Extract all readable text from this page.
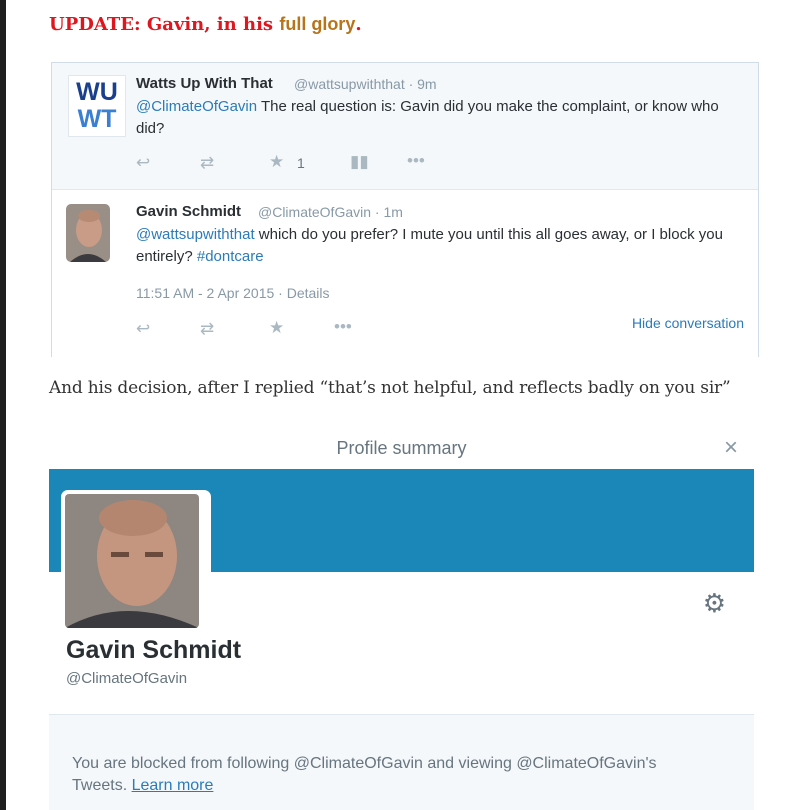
UPDATE: Gavin, in his full glory.
WU
WT
Watts Up With That @wattsupwiththat · 9m
@ClimateOfGavin The real question is: Gavin did you make the complaint, or know who did?
↩	⇄	★ 1	▮▮ •••
Gavin Schmidt @ClimateOfGavin · 1m
@wattsupwiththat which do you prefer? I mute you until this all goes away, or I block you entirely? #dontcare
11:51 AM - 2 Apr 2015 · Details
↩	⇄	★	•••	Hide conversation
And his decision, after I replied “that’s not helpful, and reflects badly on you sir”
Profile summary	×
⚙
Gavin Schmidt
@ClimateOfGavin
You are blocked from following @ClimateOfGavin and viewing @ClimateOfGavin's Tweets. Learn more
